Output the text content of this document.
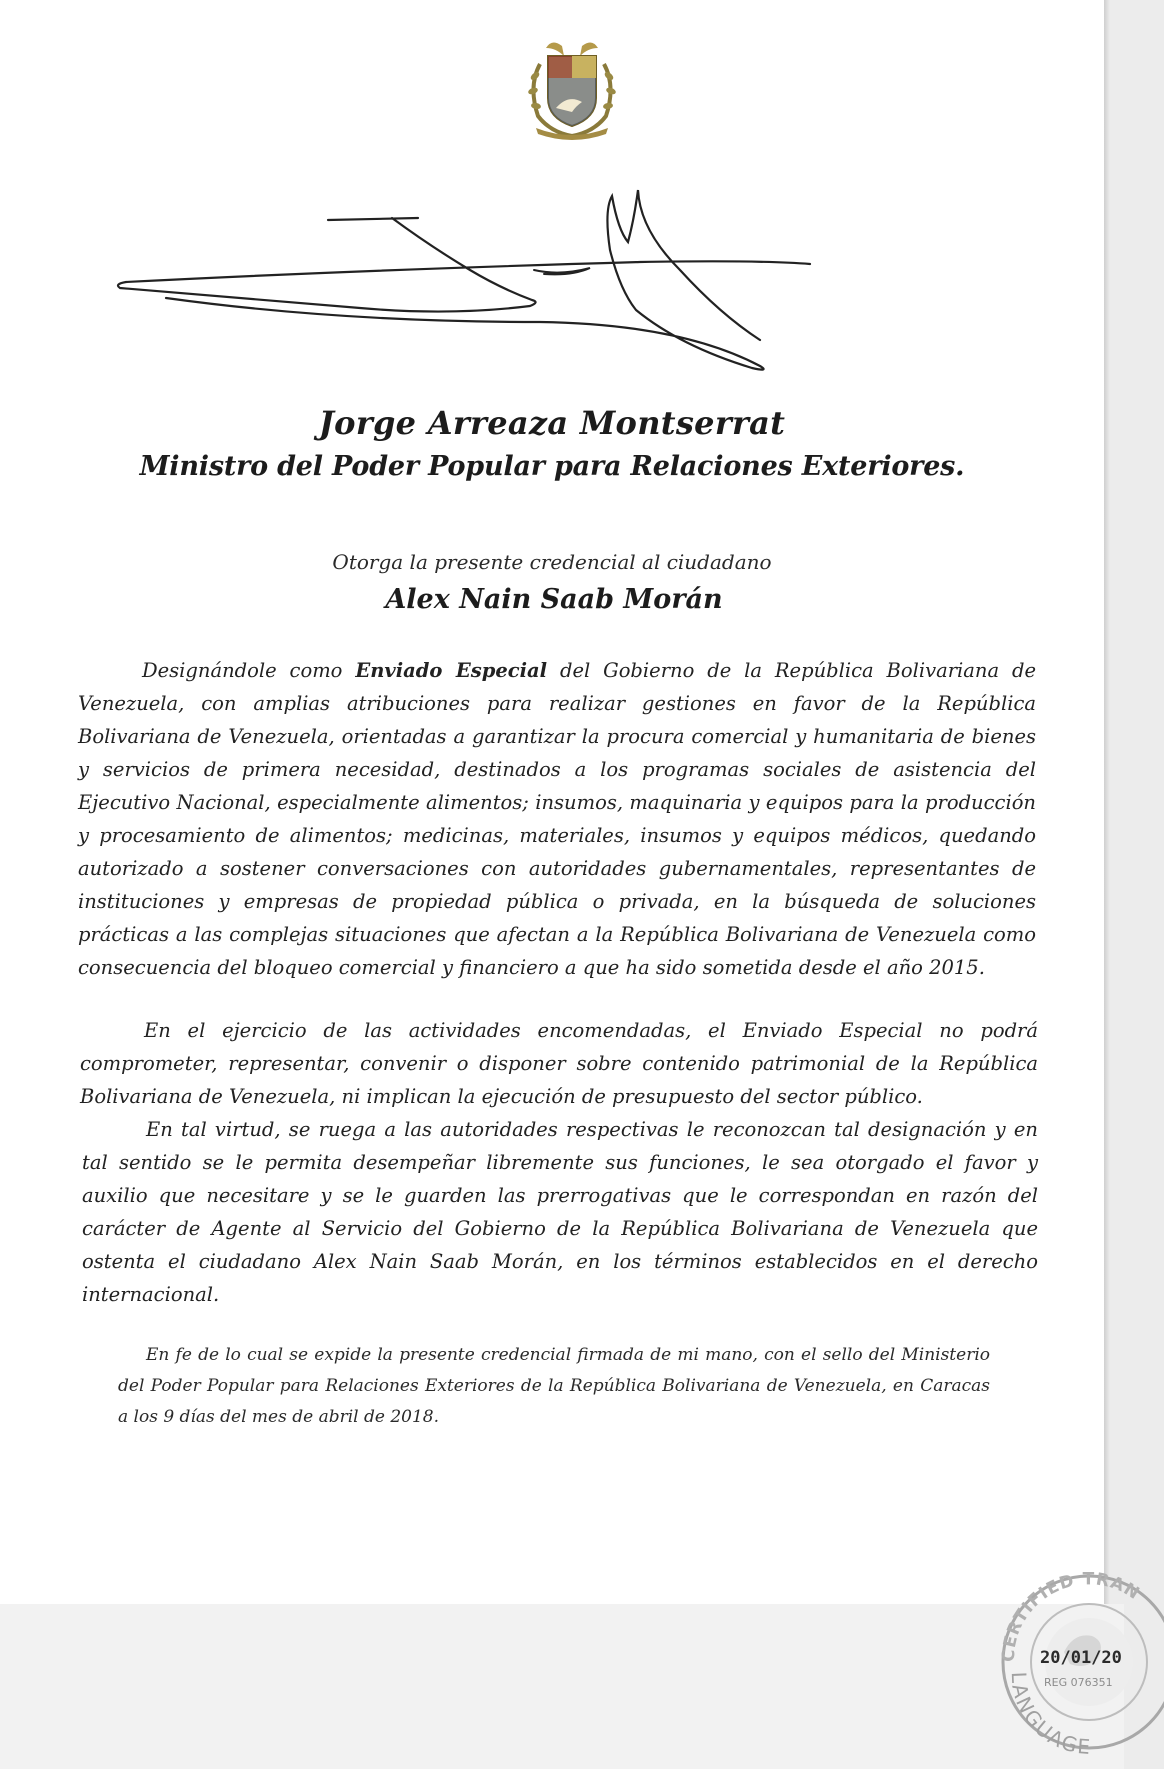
Jorge Arreaza Montserrat
Ministro del Poder Popular para Relaciones Exteriores.
Otorga la presente credencial al ciudadano
Alex Nain Saab Morán

Designándole como Enviado Especial del Gobierno de la República Bolivariana de Venezuela, con amplias atribuciones para realizar gestiones en favor de la República Bolivariana de Venezuela, orientadas a garantizar la procura comercial y humanitaria de bienes y servicios de primera necesidad, destinados a los programas sociales de asistencia del Ejecutivo Nacional, especialmente alimentos; insumos, maquinaria y equipos para la producción y procesamiento de alimentos; medicinas, materiales, insumos y equipos médicos, quedando autorizado a sostener conversaciones con autoridades gubernamentales, representantes de instituciones y empresas de propiedad pública o privada, en la búsqueda de soluciones prácticas a las complejas situaciones que afectan a la República Bolivariana de Venezuela como consecuencia del bloqueo comercial y financiero a que ha sido sometida desde el año 2015.

En el ejercicio de las actividades encomendadas, el Enviado Especial no podrá comprometer, representar, convenir o disponer sobre contenido patrimonial de la República Bolivariana de Venezuela, ni implican la ejecución de presupuesto del sector público.

En tal virtud, se ruega a las autoridades respectivas le reconozcan tal designación y en tal sentido se le permita desempeñar libremente sus funciones, le sea otorgado el favor y auxilio que necesitare y se le guarden las prerrogativas que le correspondan en razón del carácter de Agente al Servicio del Gobierno de la República Bolivariana de Venezuela que ostenta el ciudadano Alex Nain Saab Morán, en los términos establecidos en el derecho internacional.

En fe de lo cual se expide la presente credencial firmada de mi mano, con el sello del Ministerio del Poder Popular para Relaciones Exteriores de la República Bolivariana de Venezuela, en Caracas a los 9 días del mes de abril de 2018.

CERTIFIED TRAN
LANGUAGE
20/01/20
REG 076351
